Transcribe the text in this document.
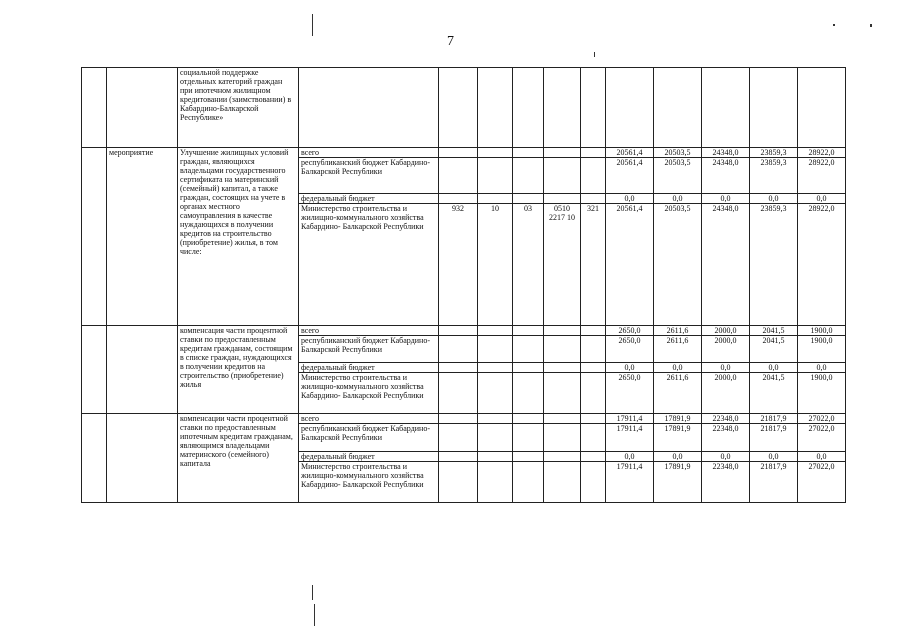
7
		социальной поддержке отдельных категорий граждан при ипотечном жилищном кредитовании (заимствовании) в Кабардино-Балкарской Республике»											
	мероприятие	Улучшение жилищных условий граждан, являющихся владельцами государственного сертификата на материнский (семейный) капитал, а также граждан, состоящих на учете в органах местного самоуправления в качестве нуждающихся в получении кредитов на строительство (приобретение) жилья, в том числе:	всего						20561,4	20503,5	24348,0	23859,3	28922,0
			республиканский бюджет Кабардино- Балкарской Республики						20561,4	20503,5	24348,0	23859,3	28922,0
			федеральный бюджет						0,0	0,0	0,0	0,0	0,0
			Министерство строительства и жилищно-коммунального хозяйства Кабардино- Балкарской Республики	932	10	03	0510 2217 10	321	20561,4	20503,5	24348,0	23859,3	28922,0
		компенсация части процентной ставки по предоставленным кредитам гражданам, состоящим в списке граждан, нуждающихся в получении кредитов на строительство (приобретение) жилья	всего						2650,0	2611,6	2000,0	2041,5	1900,0
			республиканский бюджет Кабардино- Балкарской Республики						2650,0	2611,6	2000,0	2041,5	1900,0
			федеральный бюджет						0,0	0,0	0,0	0,0	0,0
			Министерство строительства и жилищно-коммунального хозяйства Кабардино- Балкарской Республики						2650,0	2611,6	2000,0	2041,5	1900,0
		компенсации части процентной ставки по предоставленным ипотечным кредитам гражданам, являющимся владельцами материнского (семейного) капитала	всего						17911,4	17891,9	22348,0	21817,9	27022,0
			республиканский бюджет Кабардино- Балкарской Республики						17911,4	17891,9	22348,0	21817,9	27022,0
			федеральный бюджет						0,0	0,0	0,0	0,0	0,0
			Министерство строительства и жилищно-коммунального хозяйства Кабардино- Балкарской Республики						17911,4	17891,9	22348,0	21817,9	27022,0
